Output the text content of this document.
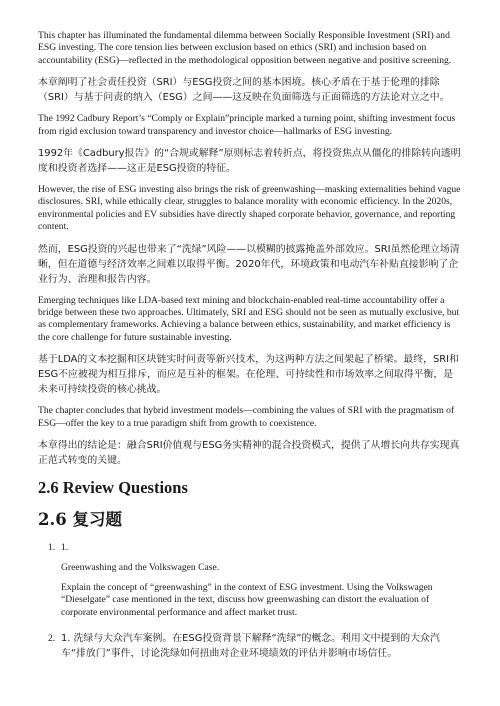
This chapter has illuminated the fundamental dilemma between Socially Responsible Investment (SRI) and ESG investing. The core tension lies between exclusion based on ethics (SRI) and inclusion based on accountability (ESG)—reflected in the methodological opposition between negative and positive screening.

本章阐明了社会责任投资（SRI）与ESG投资之间的基本困境。核心矛盾在于基于伦理的排除（SRI）与基于问责的纳入（ESG）之间——这反映在负面筛选与正面筛选的方法论对立之中。

The 1992 Cadbury Report’s “Comply or Explain”principle marked a turning point, shifting investment focus from rigid exclusion toward transparency and investor choice—hallmarks of ESG investing.

1992年《Cadbury报告》的“合规或解释”原则标志着转折点，将投资焦点从僵化的排除转向透明度和投资者选择——这正是ESG投资的特征。

However, the rise of ESG investing also brings the risk of greenwashing—masking externalities behind vague disclosures. SRI, while ethically clear, struggles to balance morality with economic efficiency. In the 2020s, environmental policies and EV subsidies have directly shaped corporate behavior, governance, and reporting content.

然而，ESG投资的兴起也带来了“洗绿”风险——以模糊的披露掩盖外部效应。SRI虽然伦理立场清晰，但在道德与经济效率之间难以取得平衡。2020年代，环境政策和电动汽车补贴直接影响了企业行为、治理和报告内容。

Emerging techniques like LDA-based text mining and blockchain-enabled real-time accountability offer a bridge between these two approaches. Ultimately, SRI and ESG should not be seen as mutually exclusive, but as complementary frameworks. Achieving a balance between ethics, sustainability, and market efficiency is the core challenge for future sustainable investing.

基于LDA的文本挖掘和区块链实时问责等新兴技术，为这两种方法之间架起了桥梁。最终，SRI和ESG不应被视为相互排斥，而应是互补的框架。在伦理、可持续性和市场效率之间取得平衡，是未来可持续投资的核心挑战。

The chapter concludes that hybrid investment models—combining the values of SRI with the pragmatism of ESG—offer the key to a true paradigm shift from growth to coexistence.

本章得出的结论是：融合SRI价值观与ESG务实精神的混合投资模式，提供了从增长向共存实现真正范式转变的关键。

2.6 Review Questions
2.6 复习题
1. 1.

Greenwashing and the Volkswagen Case.

Explain the concept of “greenwashing” in the context of ESG investment. Using the Volkswagen “Dieselgate” case mentioned in the text, discuss how greenwashing can distort the evaluation of corporate environmental performance and affect market trust.

2. 1. 洗绿与大众汽车案例。在ESG投资背景下解释“洗绿”的概念。利用文中提到的大众汽车“排放门”事件，讨论洗绿如何扭曲对企业环境绩效的评估并影响市场信任。
